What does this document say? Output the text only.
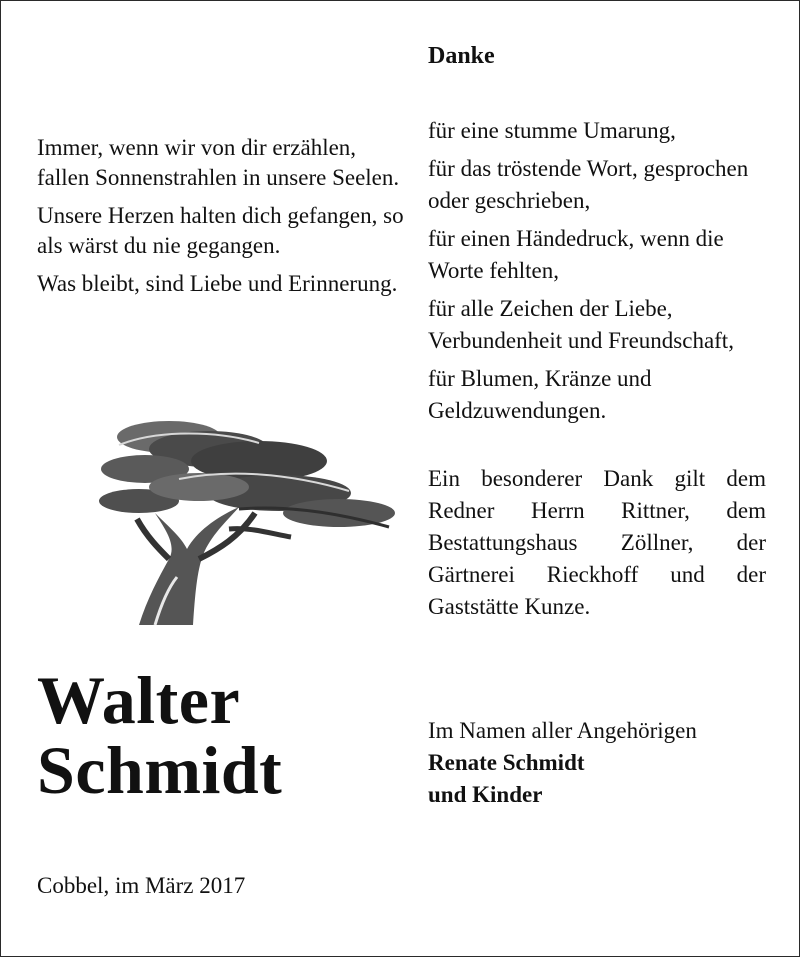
Immer, wenn wir von dir erzählen, fallen Sonnenstrahlen in unsere Seelen.

Unsere Herzen halten dich gefangen, so als wärst du nie gegangen.

Was bleibt, sind Liebe und Erinnerung.

Walter
Schmidt
Cobbel, im März 2017
Danke
für eine stumme Umarung,
für das tröstende Wort, gesprochen oder geschrieben,
für einen Händedruck, wenn die Worte fehlten,
für alle Zeichen der Liebe, Verbundenheit und Freundschaft,
für Blumen, Kränze und Geldzuwendungen.
Ein besonderer Dank gilt dem Redner Herrn Rittner, dem Bestattungshaus Zöllner, der Gärtnerei Rieckhoff und der Gaststätte Kunze.
Im Namen aller Angehörigen
Renate Schmidt
und Kinder
